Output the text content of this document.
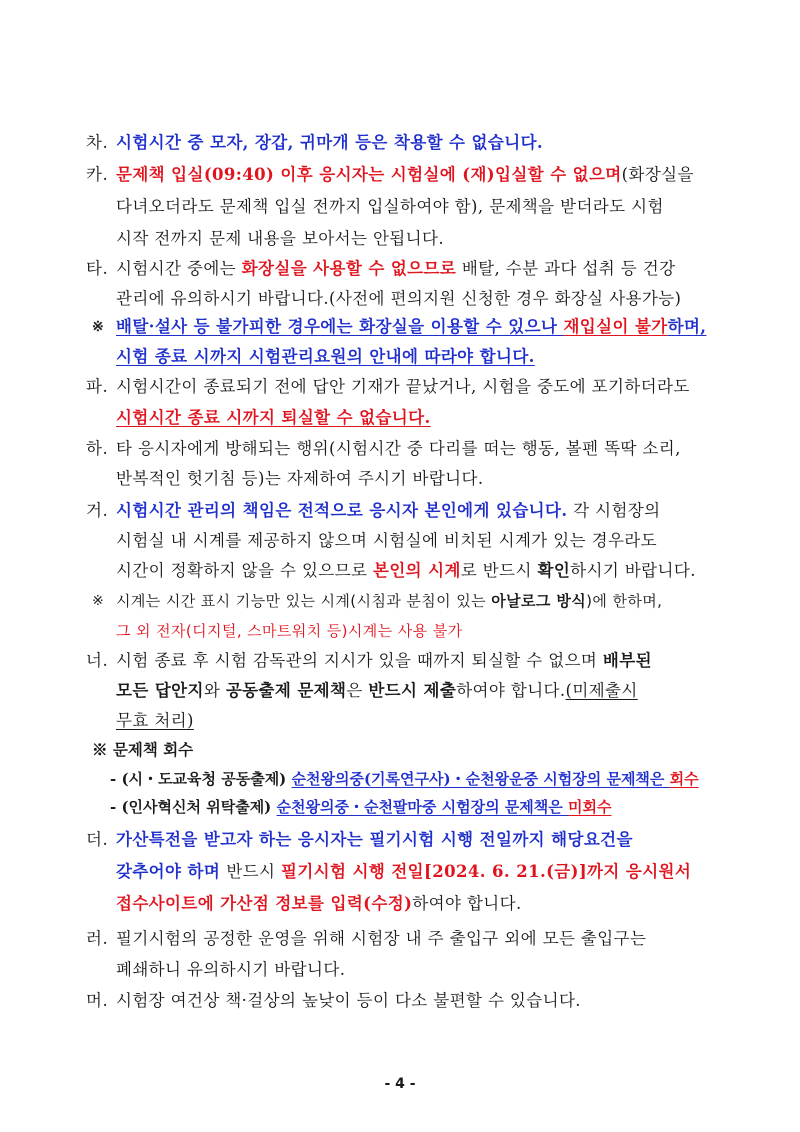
차. 시험시간 중 모자, 장갑, 귀마개 등은 착용할 수 없습니다.
카. 문제책 입실(09:40) 이후 응시자는 시험실에 (재)입실할 수 없으며(화장실을
다녀오더라도 문제책 입실 전까지 입실하여야 함), 문제책을 받더라도 시험
시작 전까지 문제 내용을 보아서는 안됩니다.
타. 시험시간 중에는 화장실을 사용할 수 없으므로 배탈, 수분 과다 섭취 등 건강
관리에 유의하시기 바랍니다.(사전에 편의지원 신청한 경우 화장실 사용가능)
※ 배탈·설사 등 불가피한 경우에는 화장실을 이용할 수 있으나 재입실이 불가하며,
시험 종료 시까지 시험관리요원의 안내에 따라야 합니다.
파. 시험시간이 종료되기 전에 답안 기재가 끝났거나, 시험을 중도에 포기하더라도
시험시간 종료 시까지 퇴실할 수 없습니다.
하. 타 응시자에게 방해되는 행위(시험시간 중 다리를 떠는 행동, 볼펜 똑딱 소리,
반복적인 헛기침 등)는 자제하여 주시기 바랍니다.
거. 시험시간 관리의 책임은 전적으로 응시자 본인에게 있습니다. 각 시험장의
시험실 내 시계를 제공하지 않으며 시험실에 비치된 시계가 있는 경우라도
시간이 정확하지 않을 수 있으므로 본인의 시계로 반드시 확인하시기 바랍니다.
※ 시계는 시간 표시 기능만 있는 시계(시침과 분침이 있는 아날로그 방식)에 한하며,
그 외 전자(디지털, 스마트워치 등)시계는 사용 불가
너. 시험 종료 후 시험 감독관의 지시가 있을 때까지 퇴실할 수 없으며 배부된
모든 답안지와 공동출제 문제책은 반드시 제출하여야 합니다.(미제출시
무효 처리)
※ 문제책 회수
- (시・도교육청 공동출제) 순천왕의중(기록연구사)・순천왕운중 시험장의 문제책은 회수
- (인사혁신처 위탁출제) 순천왕의중・순천팔마중 시험장의 문제책은 미회수
더. 가산특전을 받고자 하는 응시자는 필기시험 시행 전일까지 해당요건을
갖추어야 하며 반드시 필기시험 시행 전일[2024. 6. 21.(금)]까지 응시원서
접수사이트에 가산점 정보를 입력(수정)하여야 합니다.
러. 필기시험의 공정한 운영을 위해 시험장 내 주 출입구 외에 모든 출입구는
폐쇄하니 유의하시기 바랍니다.
머. 시험장 여건상 책·걸상의 높낮이 등이 다소 불편할 수 있습니다.
- 4 -
